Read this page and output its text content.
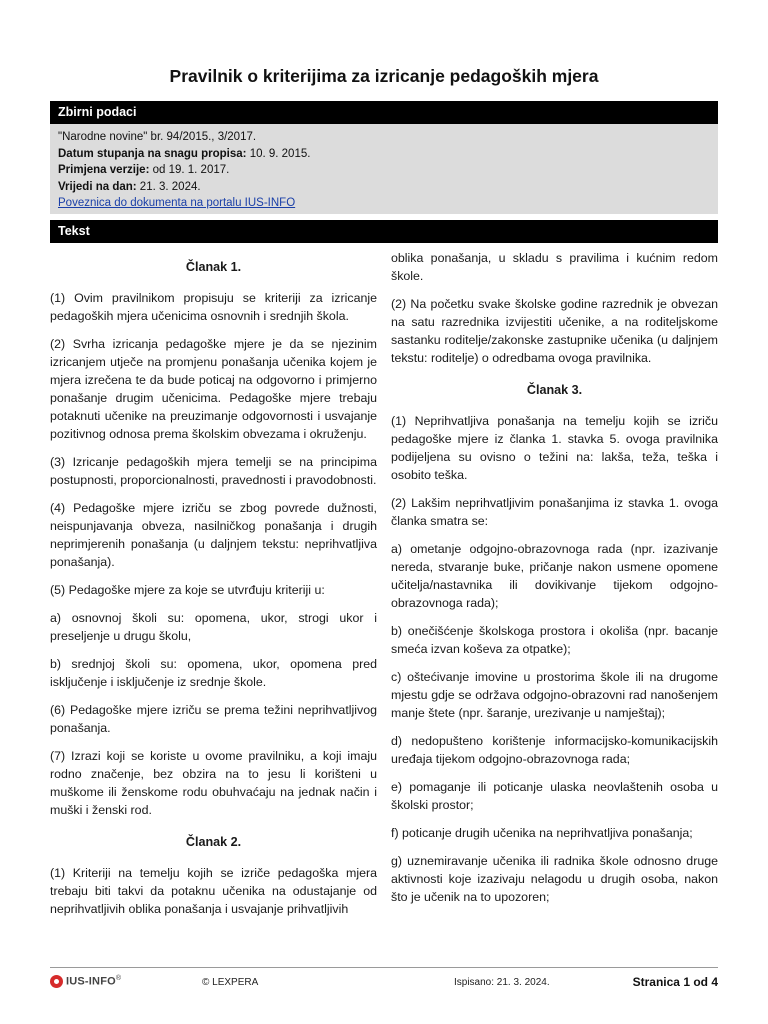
Pravilnik o kriterijima za izricanje pedagoških mjera
Zbirni podaci
"Narodne novine" br. 94/2015., 3/2017.
Datum stupanja na snagu propisa: 10. 9. 2015.
Primjena verzije: od 19. 1. 2017.
Vrijedi na dan: 21. 3. 2024.
Poveznica do dokumenta na portalu IUS-INFO
Tekst
Članak 1.

(1) Ovim pravilnikom propisuju se kriteriji za izricanje pedagoških mjera učenicima osnovnih i srednjih škola.

(2) Svrha izricanja pedagoške mjere je da se njezinim izricanjem utječe na promjenu ponašanja učenika kojem je mjera izrečena te da bude poticaj na odgovorno i primjerno ponašanje drugim učenicima. Pedagoške mjere trebaju potaknuti učenike na preuzimanje odgovornosti i usvajanje pozitivnog odnosa prema školskim obvezama i okruženju.

(3) Izricanje pedagoških mjera temelji se na principima postupnosti, proporcionalnosti, pravednosti i pravodobnosti.

(4) Pedagoške mjere izriču se zbog povrede dužnosti, neispunjavanja obveza, nasilničkog ponašanja i drugih neprimjerenih ponašanja (u daljnjem tekstu: neprihvatljiva ponašanja).

(5) Pedagoške mjere za koje se utvrđuju kriteriji u:

a) osnovnoj školi su: opomena, ukor, strogi ukor i preseljenje u drugu školu,

b) srednjoj školi su: opomena, ukor, opomena pred isključenje i isključenje iz srednje škole.

(6) Pedagoške mjere izriču se prema težini neprihvatljivog ponašanja.

(7) Izrazi koji se koriste u ovome pravilniku, a koji imaju rodno značenje, bez obzira na to jesu li korišteni u muškome ili ženskome rodu obuhvaćaju na jednak način i muški i ženski rod.

Članak 2.

(1) Kriteriji na temelju kojih se izriče pedagoška mjera trebaju biti takvi da potaknu učenika na odustajanje od neprihvatljivih oblika ponašanja i usvajanje prihvatljivih

oblika ponašanja, u skladu s pravilima i kućnim redom škole.

(2) Na početku svake školske godine razrednik je obvezan na satu razrednika izvijestiti učenike, a na roditeljskome sastanku roditelje/zakonske zastupnike učenika (u daljnjem tekstu: roditelje) o odredbama ovoga pravilnika.

Članak 3.

(1) Neprihvatljiva ponašanja na temelju kojih se izriču pedagoške mjere iz članka 1. stavka 5. ovoga pravilnika podijeljena su ovisno o težini na: lakša, teža, teška i osobito teška.

(2) Lakšim neprihvatljivim ponašanjima iz stavka 1. ovoga članka smatra se:

a) ometanje odgojno-obrazovnoga rada (npr. izazivanje nereda, stvaranje buke, pričanje nakon usmene opomene učitelja/nastavnika ili dovikivanje tijekom odgojno-obrazovnoga rada);

b) onečišćenje školskoga prostora i okoliša (npr. bacanje smeća izvan koševa za otpatke);

c) oštećivanje imovine u prostorima škole ili na drugome mjestu gdje se održava odgojno-obrazovni rad nanošenjem manje štete (npr. šaranje, urezivanje u namještaj);

d) nedopušteno korištenje informacijsko-komunikacijskih uređaja tijekom odgojno-obrazovnoga rada;

e) pomaganje ili poticanje ulaska neovlaštenih osoba u školski prostor;

f) poticanje drugih učenika na neprihvatljiva ponašanja;

g) uznemiravanje učenika ili radnika škole odnosno druge aktivnosti koje izazivaju nelagodu u drugih osoba, nakon što je učenik na to upozoren;

IUS-INFO®	© LEXPERA	Ispisano: 21. 3. 2024.	Stranica 1 od 4
